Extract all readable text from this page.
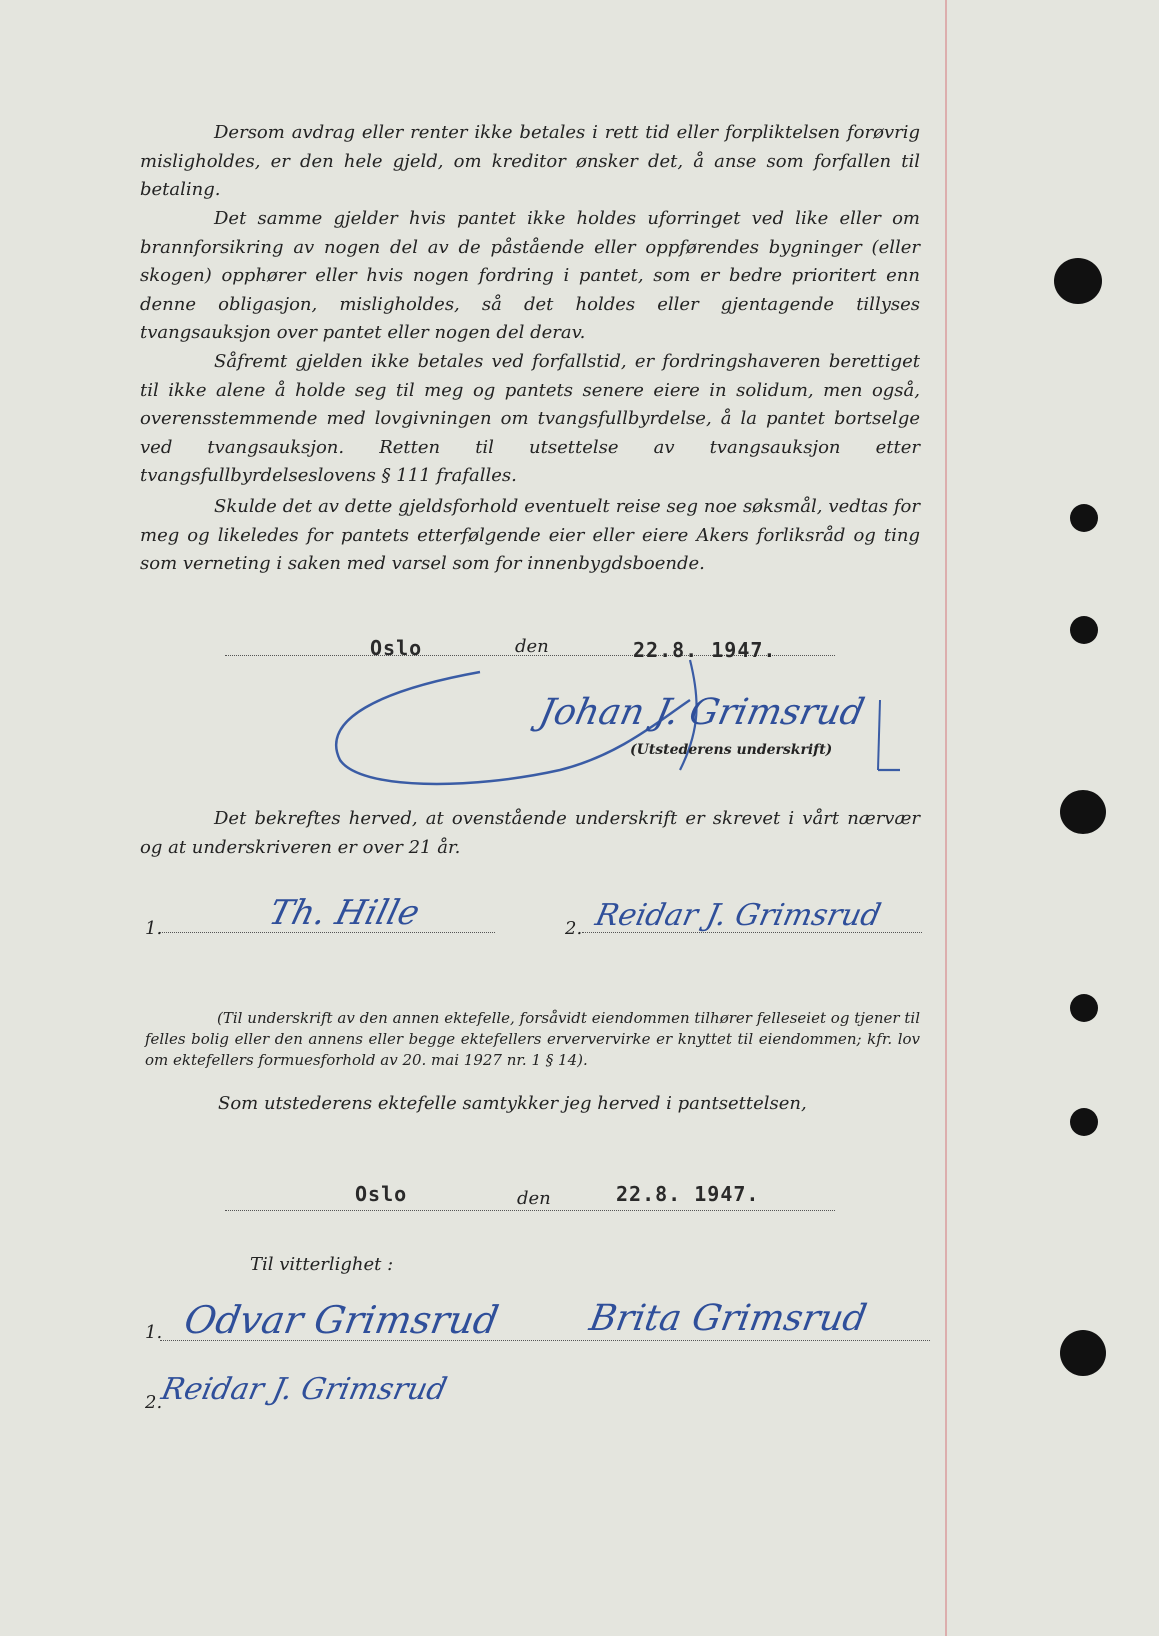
Dersom avdrag eller renter ikke betales i rett tid eller forpliktelsen forøvrig misligholdes, er den hele gjeld, om kreditor ønsker det, å anse som forfallen til betaling.

Det samme gjelder hvis pantet ikke holdes uforringet ved like eller om brannforsikring av nogen del av de påstående eller oppførendes bygninger (eller skogen) opphører eller hvis nogen fordring i pantet, som er bedre prioritert enn denne obligasjon, misligholdes, så det holdes eller gjentagende tillyses tvangsauksjon over pantet eller nogen del derav.

Såfremt gjelden ikke betales ved forfallstid, er fordringshaveren berettiget til ikke alene å holde seg til meg og pantets senere eiere in solidum, men også, overensstemmende med lovgivningen om tvangsfullbyrdelse, å la pantet bortselge ved tvangsauksjon. Retten til utsettelse av tvangsauksjon etter tvangsfullbyrdelseslovens § 111 frafalles.

Skulde det av dette gjeldsforhold eventuelt reise seg noe søksmål, vedtas for meg og likeledes for pantets etterfølgende eier eller eiere Akers forliksråd og ting som verneting i saken med varsel som for innenbygdsboende.

Oslo	den	22.8. 1947.
Johan J. Grimsrud
(Utstederens underskrift)

Det bekreftes herved, at ovenstående underskrift er skrevet i vårt nærvær og at underskriveren er over 21 år.

1.	Th. Hille	2. Reidar J. Grimsrud

(Til underskrift av den annen ektefelle, forsåvidt eiendommen tilhører felleseiet og tjener til felles bolig eller den annens eller begge ektefellers erververvirke er knyttet til eiendommen; kfr. lov om ektefellers formuesforhold av 20. mai 1927 nr. 1 § 14).

Som utstederens ektefelle samtykker jeg herved i pantsettelsen,
Oslo	den	22.8. 1947.
Til vitterlighet :
1. Odvar Grimsrud Brita Grimsrud
2.
Reidar J. Grimsrud
